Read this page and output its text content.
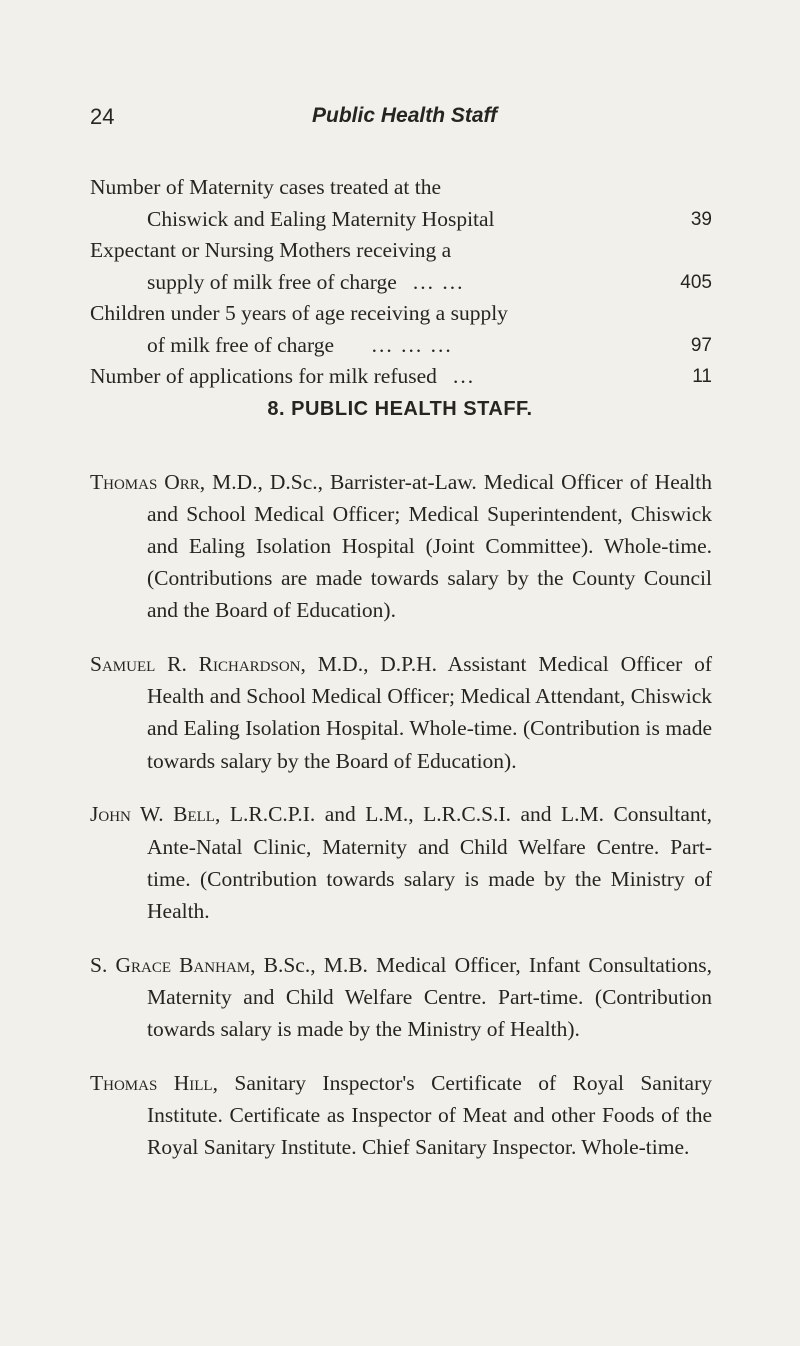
24	Public Health Staff
Number of Maternity cases treated at the
Chiswick and Ealing Maternity Hospital	39
Expectant or Nursing Mothers receiving a
supply of milk free of charge ... ...	405
Children under 5 years of age receiving a supply
of milk free of charge ... ... ...	97
Number of applications for milk refused ...	11
8. PUBLIC HEALTH STAFF.

Thomas Orr, M.D., D.Sc., Barrister-at-Law. Medical Officer of Health and School Medical Officer; Medical Superintendent, Chiswick and Ealing Isolation Hospital (Joint Committee). Whole-time. (Contributions are made towards salary by the County Council and the Board of Education).

Samuel R. Richardson, M.D., D.P.H. Assistant Medical Officer of Health and School Medical Officer; Medical Attendant, Chiswick and Ealing Isolation Hospital. Whole-time. (Contribution is made towards salary by the Board of Education).

John W. Bell, L.R.C.P.I. and L.M., L.R.C.S.I. and L.M. Consultant, Ante-Natal Clinic, Maternity and Child Welfare Centre. Part-time. (Contribution towards salary is made by the Ministry of Health.

S. Grace Banham, B.Sc., M.B. Medical Officer, Infant Consultations, Maternity and Child Welfare Centre. Part-time. (Contribution towards salary is made by the Ministry of Health).

Thomas Hill, Sanitary Inspector's Certificate of Royal Sanitary Institute. Certificate as Inspector of Meat and other Foods of the Royal Sanitary Institute. Chief Sanitary Inspector. Whole-time.
